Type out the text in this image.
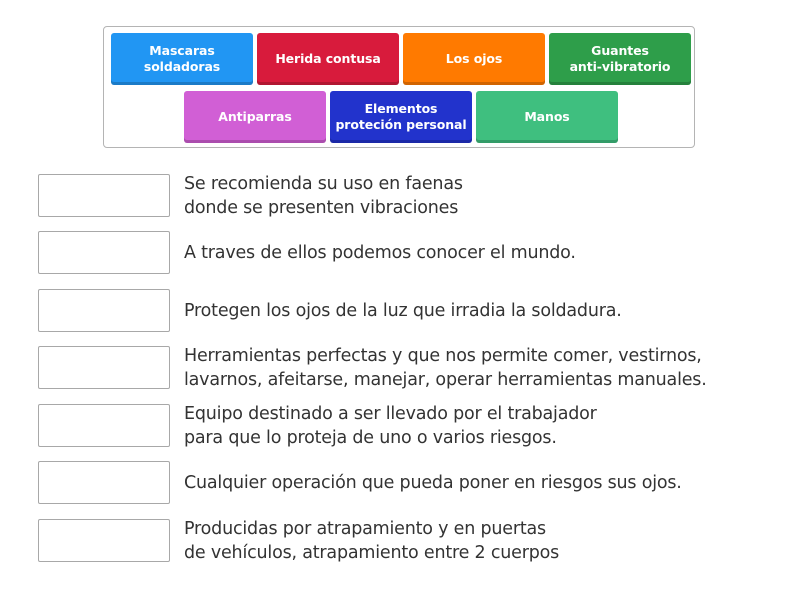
Mascaras
soldadoras
Herida contusa	Los ojos
Guantes
anti-vibratorio
Antiparras
Elementos
proteción personal
Manos
Se recomienda su uso en faenas
donde se presenten vibraciones
A traves de ellos podemos conocer el mundo.
Protegen los ojos de la luz que irradia la soldadura.
Herramientas perfectas y que nos permite comer, vestirnos,
lavarnos, afeitarse, manejar, operar herramientas manuales.
Equipo destinado a ser llevado por el trabajador
para que lo proteja de uno o varios riesgos.
Cualquier operación que pueda poner en riesgos sus ojos.
Producidas por atrapamiento y en puertas
de vehículos, atrapamiento entre 2 cuerpos
